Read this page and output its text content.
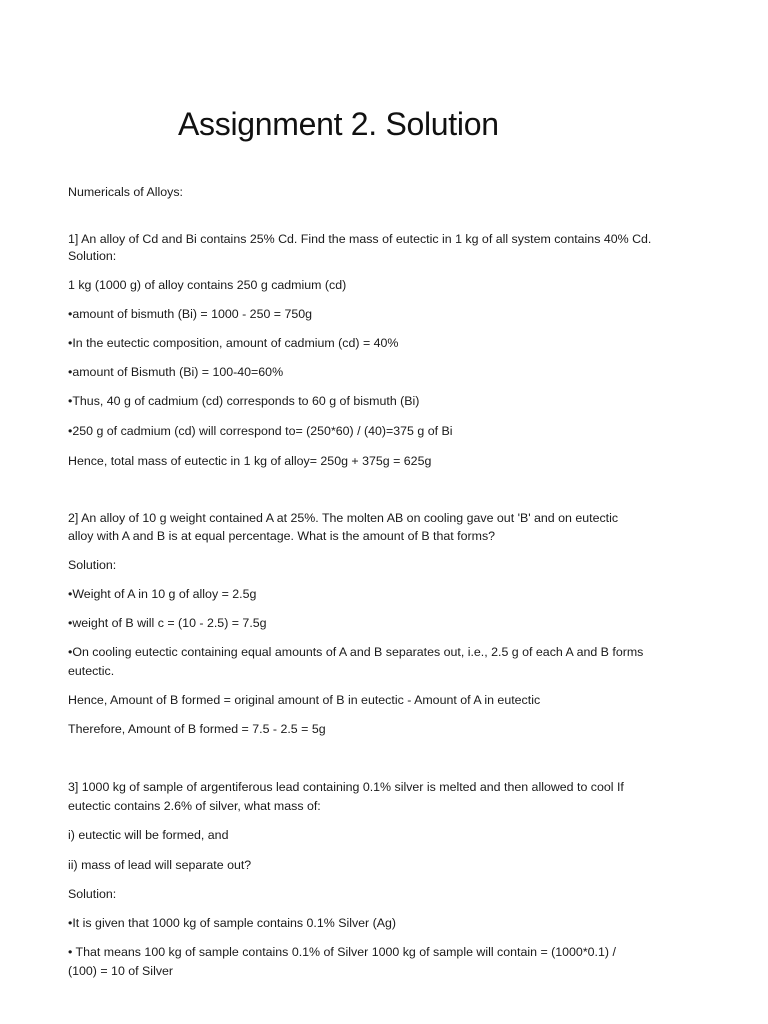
Assignment 2. Solution
Numericals of Alloys:
1] An alloy of Cd and Bi contains 25% Cd. Find the mass of eutectic in 1 kg of all system contains 40% Cd.
Solution:
1 kg (1000 g) of alloy contains 250 g cadmium (cd)
•amount of bismuth (Bi) = 1000 - 250 = 750g
•In the eutectic composition, amount of cadmium (cd) = 40%
•amount of Bismuth (Bi) = 100-40=60%
•Thus, 40 g of cadmium (cd) corresponds to 60 g of bismuth (Bi)
•250 g of cadmium (cd) will correspond to= (250*60) / (40)=375 g of Bi
Hence, total mass of eutectic in 1 kg of alloy= 250g + 375g = 625g
2] An alloy of 10 g weight contained A at 25%. The molten AB on cooling gave out 'B' and on eutectic
alloy with A and B is at equal percentage. What is the amount of B that forms?
Solution:
•Weight of A in 10 g of alloy = 2.5g
•weight of B will c = (10 - 2.5) = 7.5g
•On cooling eutectic containing equal amounts of A and B separates out, i.e., 2.5 g of each A and B forms
eutectic.
Hence, Amount of B formed = original amount of B in eutectic - Amount of A in eutectic
Therefore, Amount of B formed = 7.5 - 2.5 = 5g
3] 1000 kg of sample of argentiferous lead containing 0.1% silver is melted and then allowed to cool If
eutectic contains 2.6% of silver, what mass of:
i) eutectic will be formed, and
ii) mass of lead will separate out?
Solution:
•It is given that 1000 kg of sample contains 0.1% Silver (Ag)
• That means 100 kg of sample contains 0.1% of Silver 1000 kg of sample will contain = (1000*0.1) /
(100) = 10 of Silver
